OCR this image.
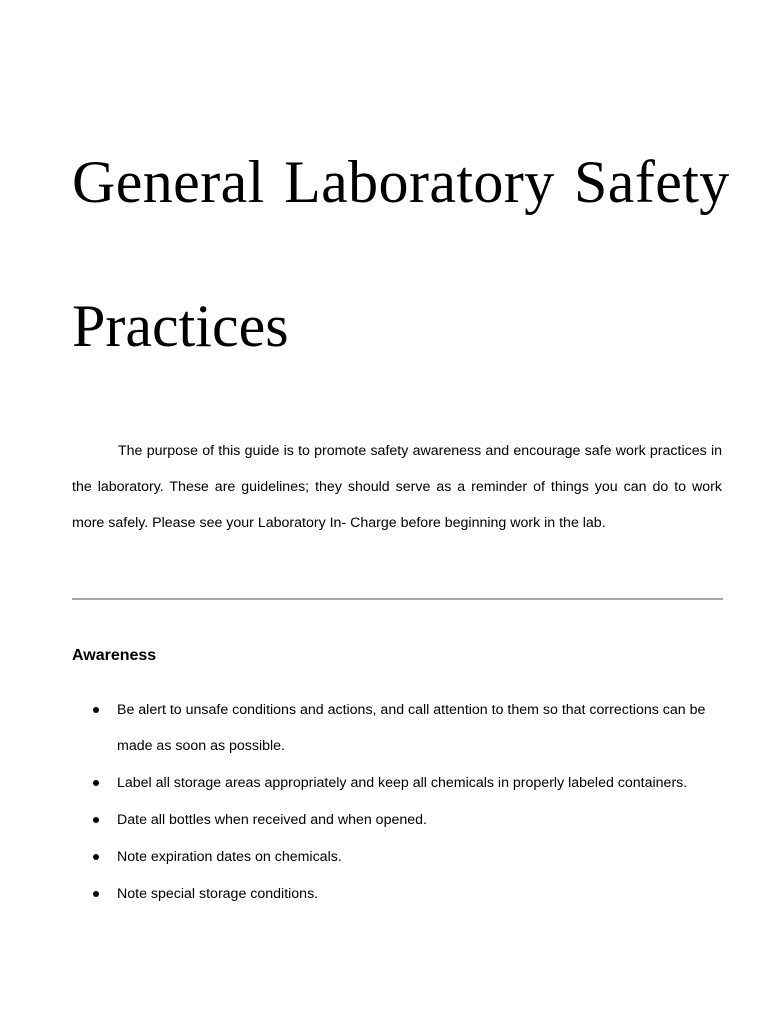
General Laboratory Safety
Practices

The purpose of this guide is to promote safety awareness and encourage safe work practices in the laboratory. These are guidelines; they should serve as a reminder of things you can do to work more safely. Please see your Laboratory In- Charge before beginning work in the lab.

Awareness
Be alert to unsafe conditions and actions, and call attention to them so that corrections can be made as soon as possible.
Label all storage areas appropriately and keep all chemicals in properly labeled containers.
Date all bottles when received and when opened.
Note expiration dates on chemicals.
Note special storage conditions.
